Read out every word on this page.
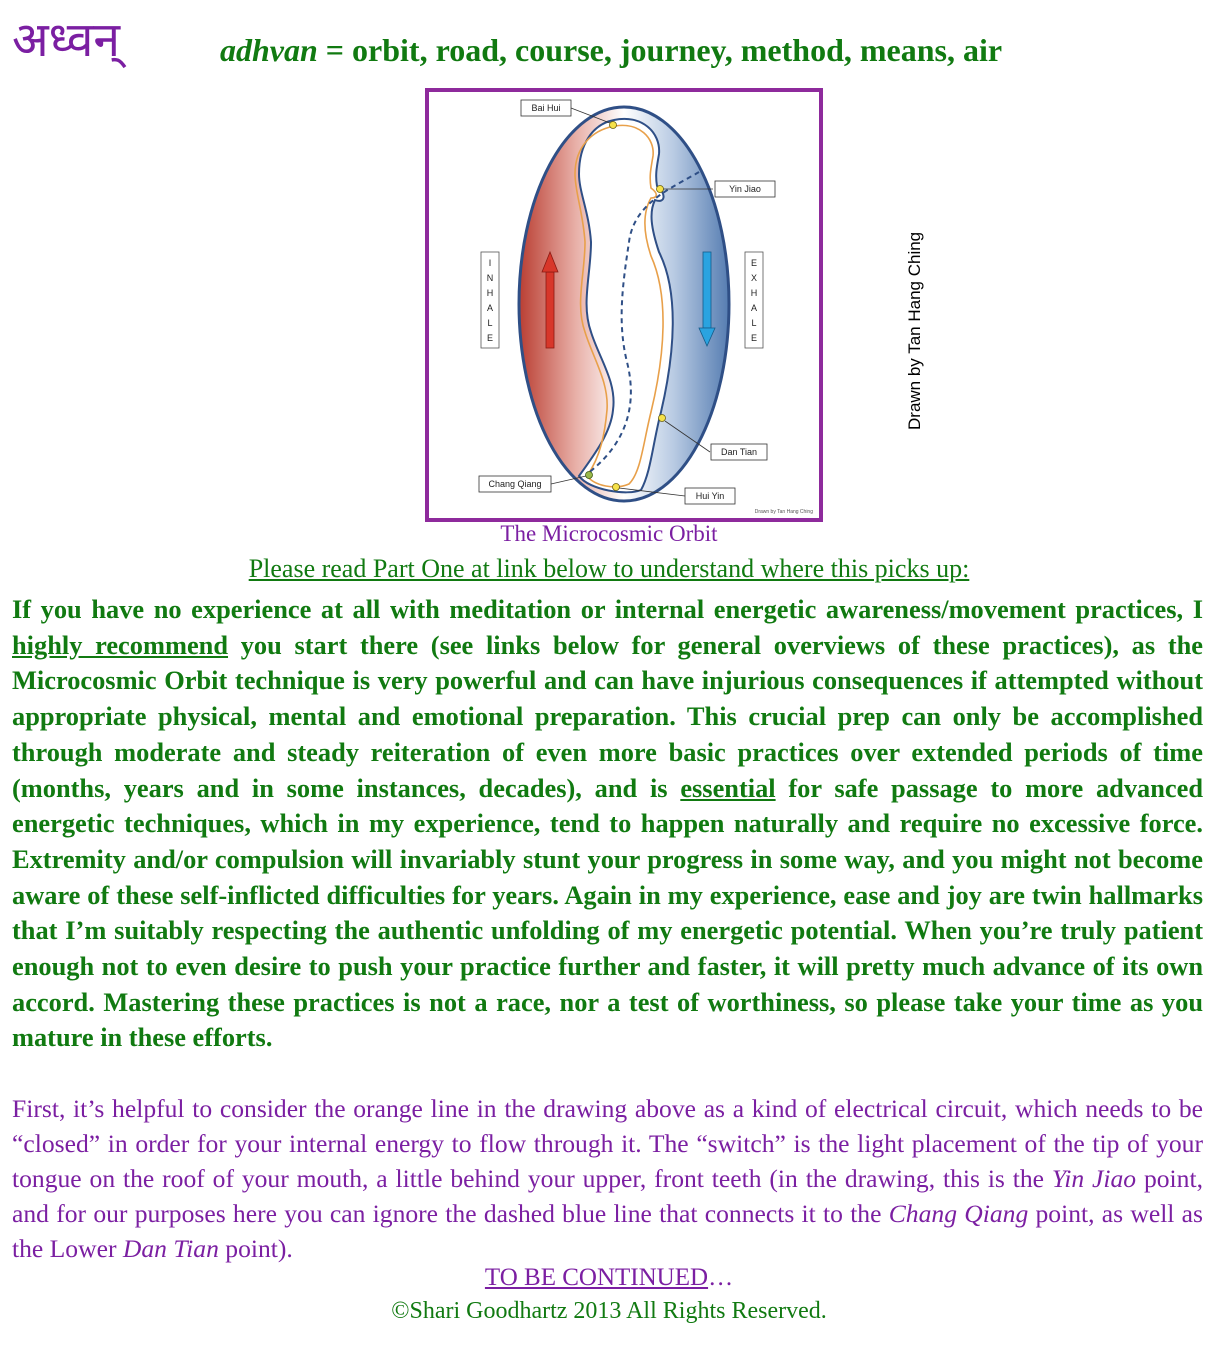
अध्वन्	adhvan = orbit, road, course, journey, method, means, air
Bai Hui
Yin Jiao
Dan Tian
Chang Qiang
Hui Yin
I
N
H
A
L
E
E
X
H
A
L
E
Drawn by Tan Hang Ching
Drawn by Tan Hang Ching
The Microcosmic Orbit
Please read Part One at link below to understand where this picks up:
If you have no experience at all with meditation or internal energetic awareness/movement practices, I highly recommend you start there (see links below for general overviews of these practices), as the Microcosmic Orbit technique is very powerful and can have injurious consequences if attempted without appropriate physical, mental and emotional preparation. This crucial prep can only be accomplished through moderate and steady reiteration of even more basic practices over extended periods of time (months, years and in some instances, decades), and is essential for safe passage to more advanced energetic techniques, which in my experience, tend to happen naturally and require no excessive force. Extremity and/or compulsion will invariably stunt your progress in some way, and you might not become aware of these self-inflicted difficulties for years. Again in my experience, ease and joy are twin hallmarks that I’m suitably respecting the authentic unfolding of my energetic potential. When you’re truly patient enough not to even desire to push your practice further and faster, it will pretty much advance of its own accord. Mastering these practices is not a race, nor a test of worthiness, so please take your time as you mature in these efforts.
First, it’s helpful to consider the orange line in the drawing above as a kind of electrical circuit, which needs to be “closed” in order for your internal energy to flow through it. The “switch” is the light placement of the tip of your tongue on the roof of your mouth, a little behind your upper, front teeth (in the drawing, this is the Yin Jiao point, and for our purposes here you can ignore the dashed blue line that connects it to the Chang Qiang point, as well as the Lower Dan Tian point).
TO BE CONTINUED…
©Shari Goodhartz 2013 All Rights Reserved.
